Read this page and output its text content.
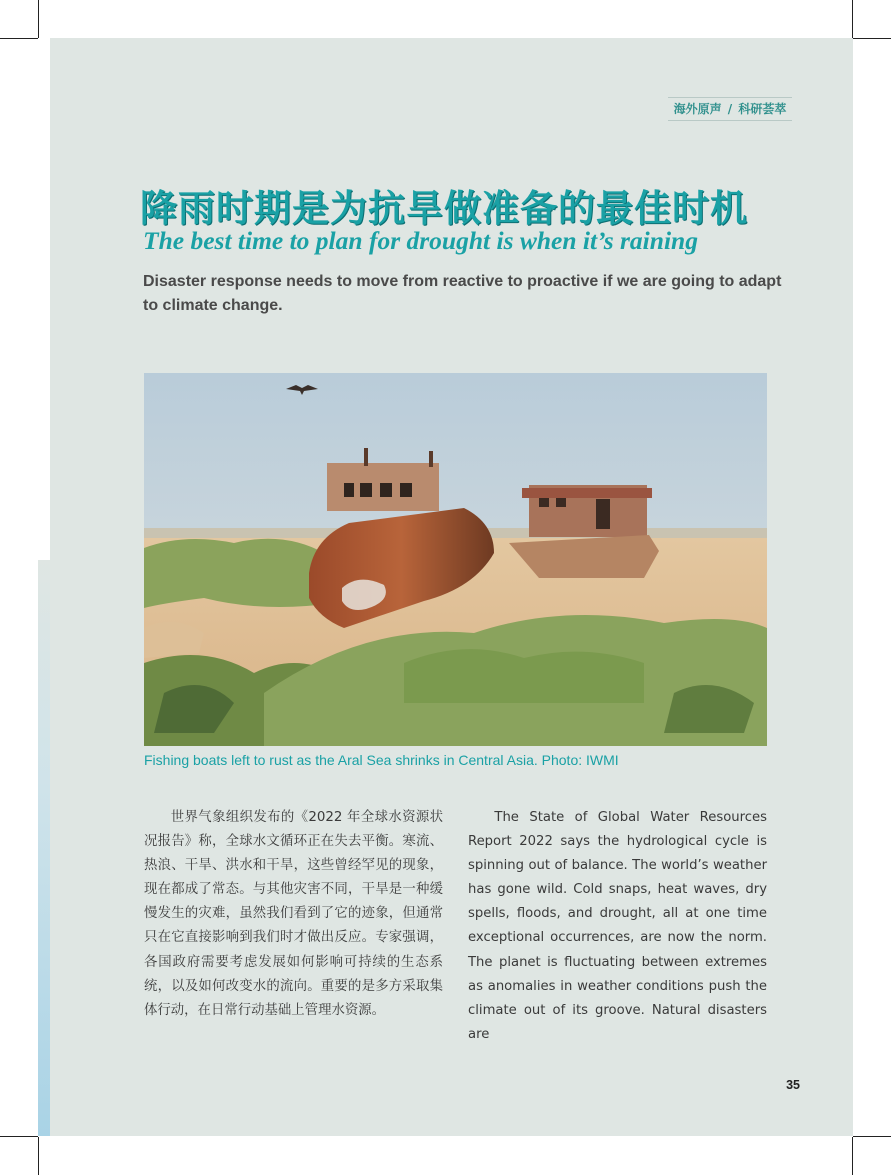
海外原声 / 科研荟萃
降雨时期是为抗旱做准备的最佳时机
The best time to plan for drought is when it’s raining
Disaster response needs to move from reactive to proactive if we are going to adapt to climate change.
Fishing boats left to rust as the Aral Sea shrinks in Central Asia. Photo: IWMI
世界气象组织发布的《2022 年全球水资源状况报告》称，全球水文循环正在失去平衡。寒流、热浪、干旱、洪水和干旱，这些曾经罕见的现象，现在都成了常态。与其他灾害不同，干旱是一种缓慢发生的灾难，虽然我们看到了它的迹象，但通常只在它直接影响到我们时才做出反应。专家强调，各国政府需要考虑发展如何影响可持续的生态系统，以及如何改变水的流向。重要的是多方采取集体行动，在日常行动基础上管理水资源。
The State of Global Water Resources Report 2022 says the hydrological cycle is spinning out of balance. The world’s weather has gone wild. Cold snaps, heat waves, dry spells, floods, and drought, all at one time exceptional occurrences, are now the norm. The planet is fluctuating between extremes as anomalies in weather conditions push the climate out of its groove. Natural disasters are
35
